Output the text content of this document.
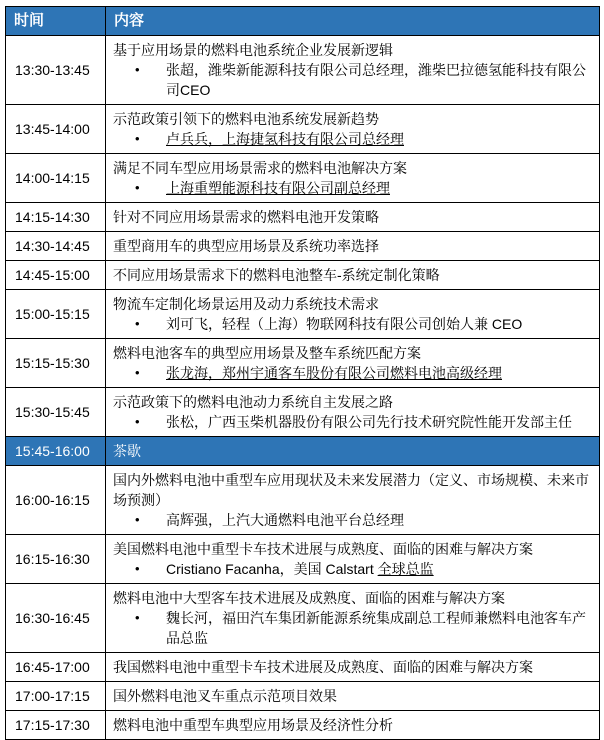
时间	内容
13:30-13:45	基于应用场景的燃料电池系统企业发展新逻辑
• 张超，潍柴新能源科技有限公司总经理，潍柴巴拉德氢能科技有限公司CEO

13:45-14:00	示范政策引领下的燃料电池系统发展新趋势
• 卢兵兵，上海捷氢科技有限公司总经理

14:00-14:15	满足不同车型应用场景需求的燃料电池解决方案
• 上海重塑能源科技有限公司副总经理

14:15-14:30	针对不同应用场景需求的燃料电池开发策略

14:30-14:45	重型商用车的典型应用场景及系统功率选择

14:45-15:00	不同应用场景需求下的燃料电池整车-系统定制化策略

15:00-15:15	物流车定制化场景运用及动力系统技术需求
• 刘可飞，轻程（上海）物联网科技有限公司创始人兼 CEO

15:15-15:30	燃料电池客车的典型应用场景及整车系统匹配方案
• 张龙海，郑州宇通客车股份有限公司燃料电池高级经理

15:30-15:45	示范政策下的燃料电池动力系统自主发展之路
• 张松，广西玉柴机器股份有限公司先行技术研究院性能开发部主任

15:45-16:00	茶歇

16:00-16:15	国内外燃料电池中重型车应用现状及未来发展潜力（定义、市场规模、未来市场预测）
• 高辉强，上汽大通燃料电池平台总经理

16:15-16:30	美国燃料电池中重型卡车技术进展与成熟度、面临的困难与解决方案
• Cristiano Facanha，美国 Calstart 全球总监

16:30-16:45	燃料电池中大型客车技术进展及成熟度、面临的困难与解决方案
• 魏长河，福田汽车集团新能源系统集成副总工程师兼燃料电池客车产品总监

16:45-17:00	我国燃料电池中重型卡车技术进展及成熟度、面临的困难与解决方案

17:00-17:15	国外燃料电池叉车重点示范项目效果

17:15-17:30	燃料电池中重型车典型应用场景及经济性分析
